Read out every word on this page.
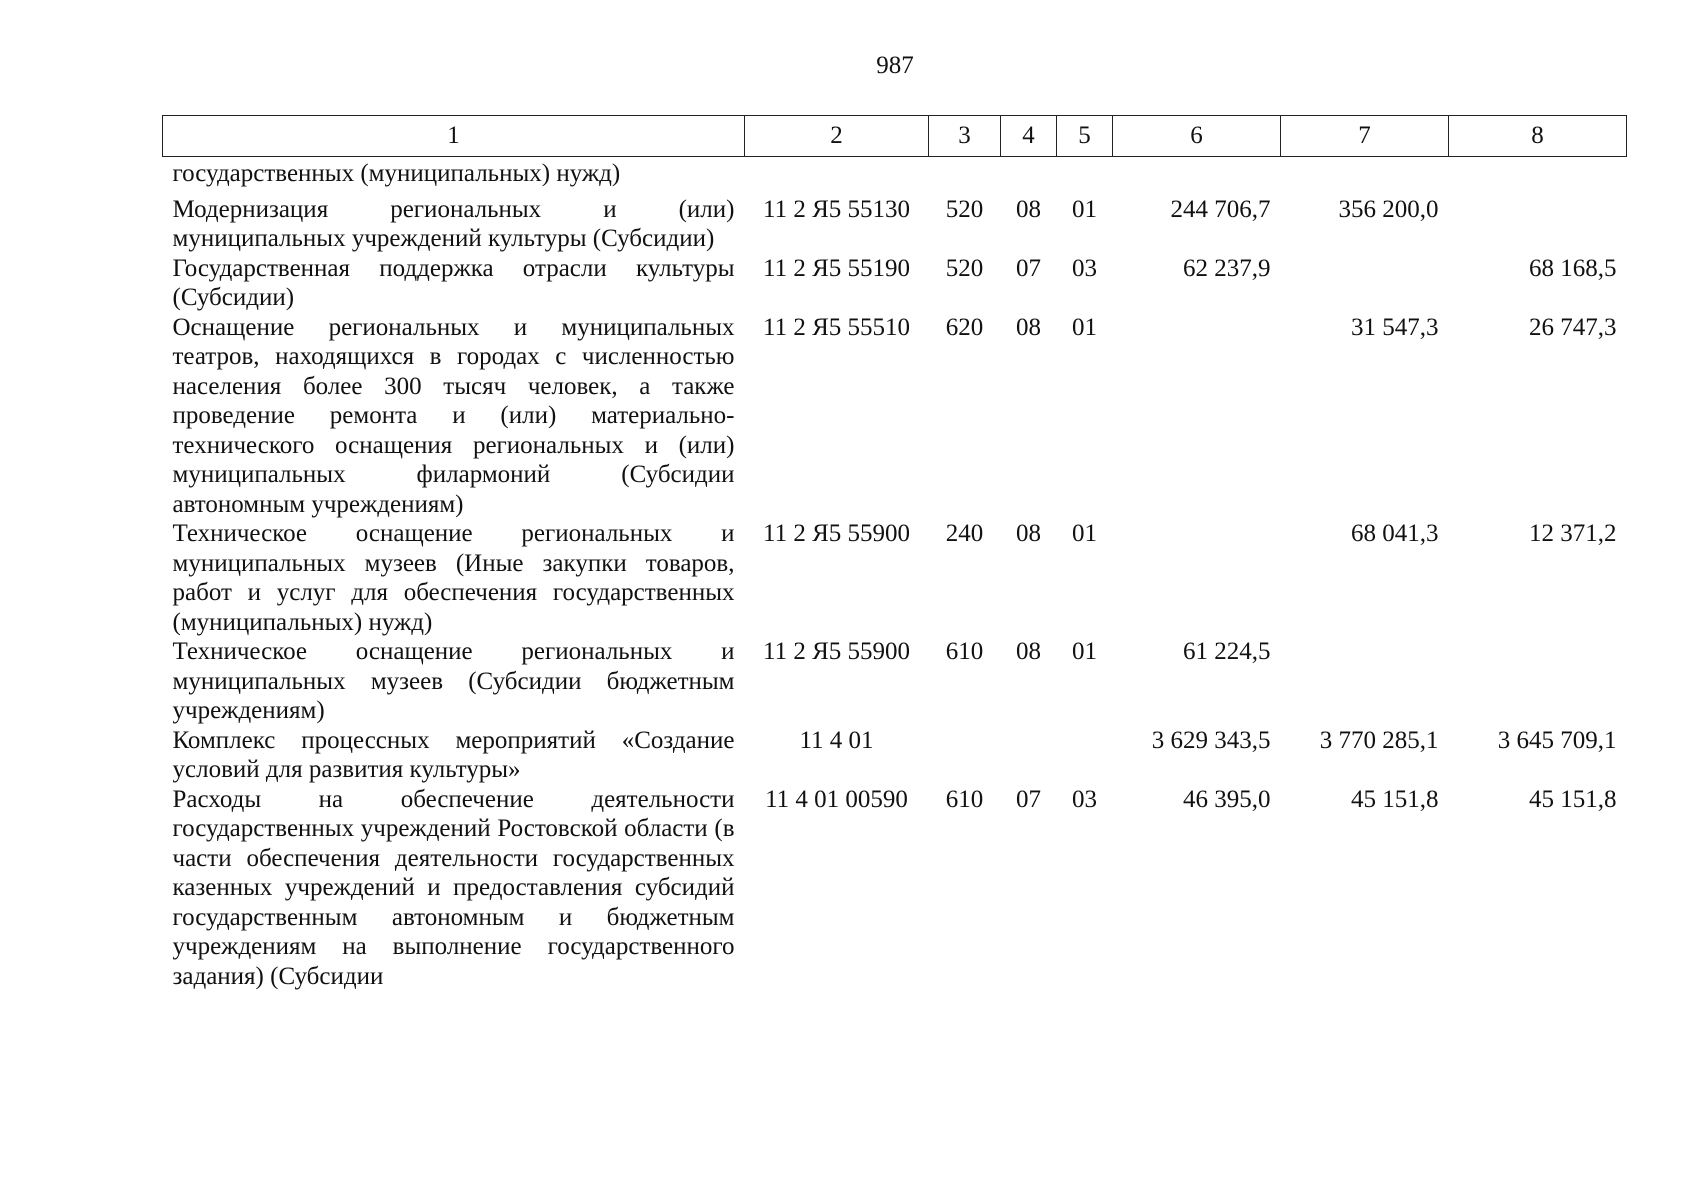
987
1	2	3	4	5	6	7	8
государственных (муниципальных) нужд)							
Модернизация региональных и (или) муниципальных учреждений культуры (Субсидии)	11 2 Я5 55130	520	08	01	244 706,7	356 200,0	
Государственная поддержка отрасли культуры (Субсидии)	11 2 Я5 55190	520	07	03	62 237,9		68 168,5
Оснащение региональных и муниципальных театров, находящихся в городах с численностью населения более 300 тысяч человек, а также проведение ремонта и (или) материально-технического оснащения региональных и (или) муниципальных филармоний (Субсидии автономным учреждениям)	11 2 Я5 55510	620	08	01		31 547,3	26 747,3
Техническое оснащение региональных и муниципальных музеев (Иные закупки товаров, работ и услуг для обеспечения государственных (муниципальных) нужд)	11 2 Я5 55900	240	08	01		68 041,3	12 371,2
Техническое оснащение региональных и муниципальных музеев (Субсидии бюджетным учреждениям)	11 2 Я5 55900	610	08	01	61 224,5		
Комплекс процессных мероприятий «Создание условий для развития культуры»	11 4 01				3 629 343,5	3 770 285,1	3 645 709,1
Расходы на обеспечение деятельности государственных учреждений Ростовской области (в части обеспечения деятельности государственных казенных учреждений и предоставления субсидий государственным автономным и бюджетным учреждениям на выполнение государственного задания) (Субсидии	11 4 01 00590	610	07	03	46 395,0	45 151,8	45 151,8
